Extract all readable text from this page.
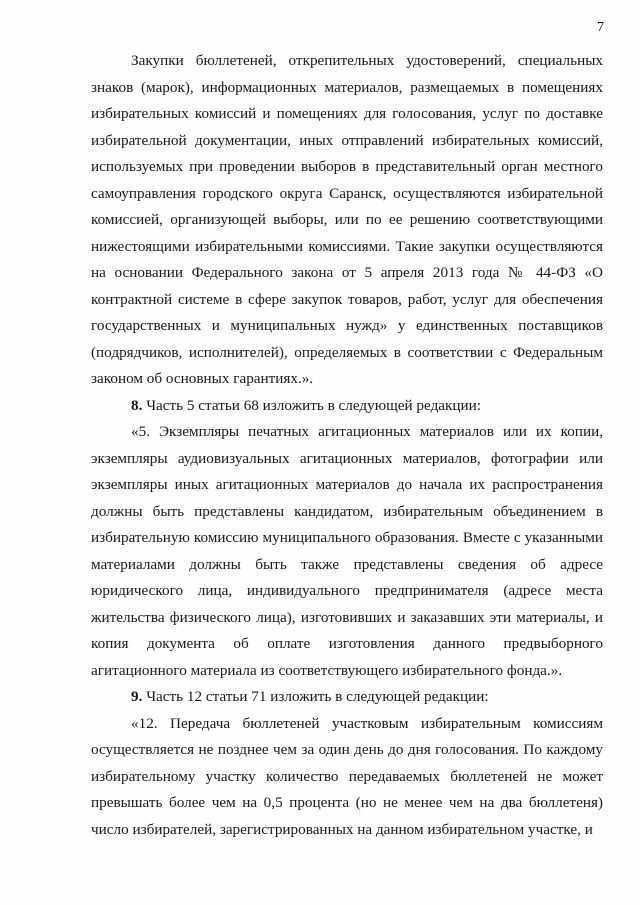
7

Закупки бюллетеней, открепительных удостоверений, специальных знаков (марок), информационных материалов, размещаемых в помещениях избирательных комиссий и помещениях для голосования, услуг по доставке избирательной документации, иных отправлений избирательных комиссий, используемых при проведении выборов в представительный орган местного самоуправления городского округа Саранск, осуществляются избирательной комиссией, организующей выборы, или по ее решению соответствующими нижестоящими избирательными комиссиями. Такие закупки осуществляются на основании Федерального закона от 5 апреля 2013 года № 44-ФЗ «О контрактной системе в сфере закупок товаров, работ, услуг для обеспечения государственных и муниципальных нужд» у единственных поставщиков (подрядчиков, исполнителей), определяемых в соответствии с Федеральным законом об основных гарантиях.».

8. Часть 5 статьи 68 изложить в следующей редакции:

«5. Экземпляры печатных агитационных материалов или их копии, экземпляры аудиовизуальных агитационных материалов, фотографии или экземпляры иных агитационных материалов до начала их распространения должны быть представлены кандидатом, избирательным объединением в избирательную комиссию муниципального образования. Вместе с указанными материалами должны быть также представлены сведения об адресе юридического лица, индивидуального предпринимателя (адресе места жительства физического лица), изготовивших и заказавших эти материалы, и копия документа об оплате изготовления данного предвыборного агитационного материала из соответствующего избирательного фонда.».

9. Часть 12 статьи 71 изложить в следующей редакции:

«12. Передача бюллетеней участковым избирательным комиссиям осуществляется не позднее чем за один день до дня голосования. По каждому избирательному участку количество передаваемых бюллетеней не может превышать более чем на 0,5 процента (но не менее чем на два бюллетеня) число избирателей, зарегистрированных на данном избирательном участке, и
